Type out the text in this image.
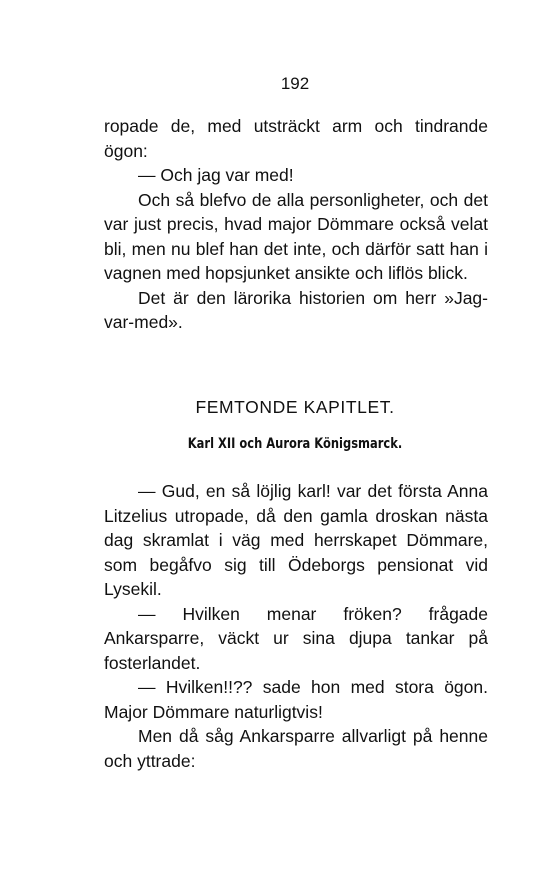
192

ropade de, med utsträckt arm och tindrande ögon:

— Och jag var med!

Och så blefvo de alla personligheter, och det var just precis, hvad major Dömmare också velat bli, men nu blef han det inte, och därför satt han i vagnen med hopsjunket ansikte och liflös blick.

Det är den lärorika historien om herr »Jag-var-med».

FEMTONDE KAPITLET.
Karl XII och Aurora Königsmarck.

— Gud, en så löjlig karl! var det första Anna Litzelius utropade, då den gamla droskan nästa dag skramlat i väg med herrskapet Dömmare, som begåfvo sig till Ödeborgs pensionat vid Lysekil.

— Hvilken menar fröken? frågade Ankarsparre, väckt ur sina djupa tankar på fosterlandet.

— Hvilken!!?? sade hon med stora ögon. Major Dömmare naturligtvis!

Men då såg Ankarsparre allvarligt på henne och yttrade:
